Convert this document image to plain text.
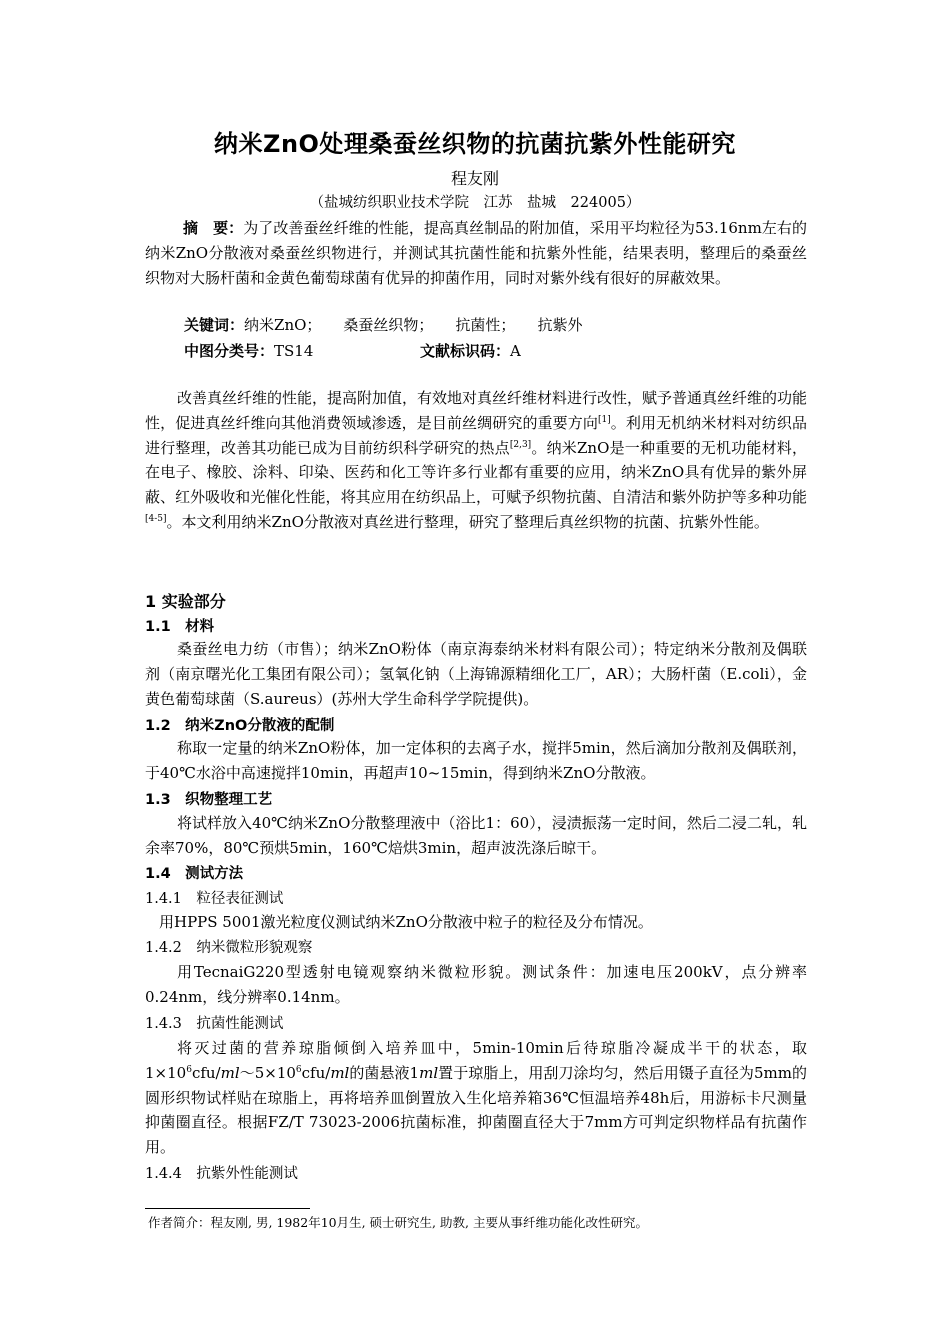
纳米ZnO处理桑蚕丝织物的抗菌抗紫外性能研究
程友刚
（盐城纺织职业技术学院　江苏　盐城　224005）
摘　要：为了改善蚕丝纤维的性能，提高真丝制品的附加值，采用平均粒径为53.16nm左右的纳米ZnO分散液对桑蚕丝织物进行，并测试其抗菌性能和抗紫外性能，结果表明，整理后的桑蚕丝织物对大肠杆菌和金黄色葡萄球菌有优异的抑菌作用，同时对紫外线有很好的屏蔽效果。
关键词：纳米ZnO； 桑蚕丝织物； 抗菌性； 抗紫外
中图分类号：TS14	文献标识码：A
改善真丝纤维的性能，提高附加值，有效地对真丝纤维材料进行改性，赋予普通真丝纤维的功能性，促进真丝纤维向其他消费领域渗透，是目前丝绸研究的重要方向[1]。利用无机纳米材料对纺织品进行整理，改善其功能已成为目前纺织科学研究的热点[2,3]。纳米ZnO是一种重要的无机功能材料，在电子、橡胶、涂料、印染、医药和化工等许多行业都有重要的应用，纳米ZnO具有优异的紫外屏蔽、红外吸收和光催化性能，将其应用在纺织品上，可赋予织物抗菌、自清洁和紫外防护等多种功能[4-5]。本文利用纳米ZnO分散液对真丝进行整理，研究了整理后真丝织物的抗菌、抗紫外性能。
1 实验部分
1.1　材料
桑蚕丝电力纺（市售）；纳米ZnO粉体（南京海泰纳米材料有限公司）；特定纳米分散剂及偶联剂（南京曙光化工集团有限公司）；氢氧化钠（上海锦源精细化工厂，AR）；大肠杆菌（E.coli），金黄色葡萄球菌（S.aureus）(苏州大学生命科学学院提供)。
1.2　纳米ZnO分散液的配制
称取一定量的纳米ZnO粉体，加一定体积的去离子水，搅拌5min，然后滴加分散剂及偶联剂，于40℃水浴中高速搅拌10min，再超声10~15min，得到纳米ZnO分散液。
1.3　织物整理工艺
将试样放入40℃纳米ZnO分散整理液中（浴比1：60），浸渍振荡一定时间，然后二浸二轧，轧余率70%，80℃预烘5min，160℃焙烘3min，超声波洗涤后晾干。
1.4　测试方法
1.4.1　粒径表征测试
用HPPS 5001激光粒度仪测试纳米ZnO分散液中粒子的粒径及分布情况。
1.4.2　纳米微粒形貌观察
用TecnaiG220型透射电镜观察纳米微粒形貌。测试条件：加速电压200kV，点分辨率0.24nm，线分辨率0.14nm。
1.4.3　抗菌性能测试
将灭过菌的营养琼脂倾倒入培养皿中，5min-10min后待琼脂冷凝成半干的状态，取$1\times 10^6cfu/ml\sim 5\times 10^6cfu/ml$的菌悬液1ml置于琼脂上，用刮刀涂均匀，然后用镊子直径为5mm的圆形织物试样贴在琼脂上，再将培养皿倒置放入生化培养箱36℃恒温培养48h后，用游标卡尺测量抑菌圈直径。根据FZ/T 73023-2006抗菌标准，抑菌圈直径大于7mm方可判定织物样品有抗菌作用。
1.4.4　抗紫外性能测试
作者简介：程友刚, 男, 1982年10月生, 硕士研究生, 助教, 主要从事纤维功能化改性研究。
